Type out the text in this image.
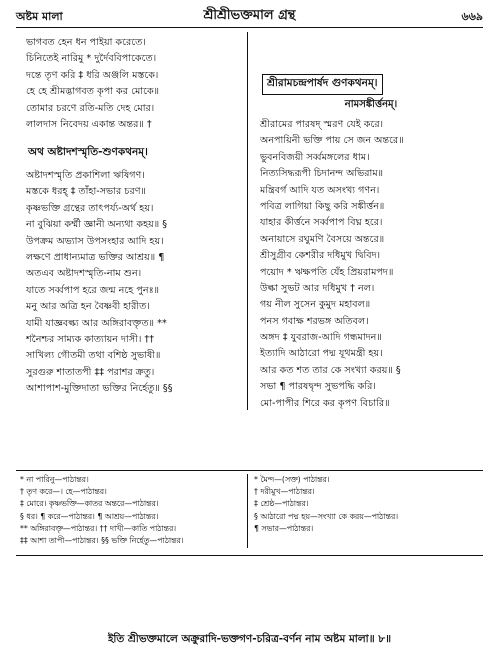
অষ্টম মালা	শ্রীশ্রীভক্তমাল গ্রন্থ	৬৬৯
ভাগবত হেন ধন পাইয়া করেতে।
চিনিতেই নারিমু * দুর্দৈববিপাকেতে।
দন্তে তৃণ করি ‡ ধরি অঞ্জলি মস্তকে।
হে হে শ্রীমদ্ভাগবত কৃপা কর মোকে॥
তোমার চরণে রতি-মতি দেহ মোর।
লালদাস নিবেদয় একান্ত অন্তর॥ †
অথ অষ্টাদশস্মৃতি-শুণকথনম্।
অষ্টাদশস্মৃতি প্রকাশিলা ঋষিগণ।
মস্তকে ধরহ্ ‡ তাঁহা-সভার চরণ॥
কৃষ্ণভক্তি গ্রন্থের তাৎপর্য্য-অর্থ হয়।
না বুঝিয়া কর্ম্মী জ্ঞানী অন্যথা কহয়॥ §
উপক্রম অভ্যাস উপসংহার আদি হয়।
লক্ষণে প্রাধান্যমাত্র ভক্তির আশ্রয়॥ ¶
অতএব অষ্টাদশস্মৃতি-নাম শুন।
যাতে সর্ব্বপাপ হরে জন্ম নহে পুনঃ॥
মনু আর অত্রি হন বৈষ্ণবী হারীত।
যামী যাজ্ঞবল্ক্য আর অঙ্গিরাবক্তৃত॥ **
শনৈশ্চর সাম্যক কাত্যায়ন দাসী। ††
সাখিল্য গৌতমী তথা বশিষ্ঠ সুভাষী॥
সুরগুরু শাতাতপী ‡‡ পরাশর ক্রতু।
আশাপাশ-মুক্তিদাতা ভক্তির নির্হেতু॥ §§
শ্রীরামচন্দ্রপার্ষদ গুণকথনম্।
নামসঙ্কীর্ত্তনম্।
শ্রীরামের পারষদ্ স্মরণ যেই করে।
অনপায়িনী ভক্তি পায় সে জন অন্তরে॥
ভুবনবিজয়ী সর্ব্বমঙ্গলের ধাম।
নিত্যসিদ্ধরূপী চিদানন্দ অভিরাম॥
মন্ত্রিবর্গ আদি যত অসংখ্য গণন।
পবিত্র লাগিয়া কিছু করি সঙ্কীর্ত্তন॥
যাহার কীর্ত্তনে সর্ব্বপাপ বিঘ্ন হরে।
অনায়াসে রঘুমণি বৈসয়ে অন্তরে॥
শ্রীসুগ্রীব কেশরীর দধিমুখ দ্বিবিদ।
পয়োদ * ঋক্ষপতি যেঁহ প্রিয়রামপদ॥
উল্কা সুভট আর দধিমুখ † নল।
গয় নীল সুসেন কুমুদ মহাবল॥
পনস গবাক্ষ শরভঙ্গ অতিবল।
অঙ্গদ ‡ যুবরাজ-আদি গন্ধমাদন॥
ইত্যাদি আঠারো পদ্ম যূথমন্ত্রী হয়।
আর কত শত তার কে সংখ্যা করয়॥ §
সভা ¶ পারষদ্বৃন্দ সুভপদ্ধি করি।
মো-পাপীর শিরে কর কৃপণ বিচারি॥
* না পারিনু—পাঠান্তর।
† তৃণ করে—। হে—পাঠান্তর।
‡ মোরে। কৃষ্ণভক্তি—কাতর অন্তরে—পাঠান্তর।
§ ধর। ¶ করে—পাঠান্তর। ¶ আশ্রয়—পাঠান্তর।
** অঙ্গিরাবক্তৃ—পাঠান্তর। †† দাখী—কাতি পাঠান্তর।
‡‡ আশা তাপী—পাঠান্তর। §§ ভক্তি নির্হেতু—পাঠান্তর।
* মৈন্দ—(সক্ত) পাঠান্তর।
† দরীমুখ—পাঠান্তর।
‡ শ্রেষ্ঠ—পাঠান্তর।
§ আঠারো পদ্ম হয়—সংখ্যা কে করয়—পাঠান্তর।
¶ সভার—পাঠান্তর।
ইতি শ্রীভক্তমালে অক্রুরাদি-ভক্তগণ-চরিত্র-বর্ণন নাম অষ্টম মালা॥ ৮॥
